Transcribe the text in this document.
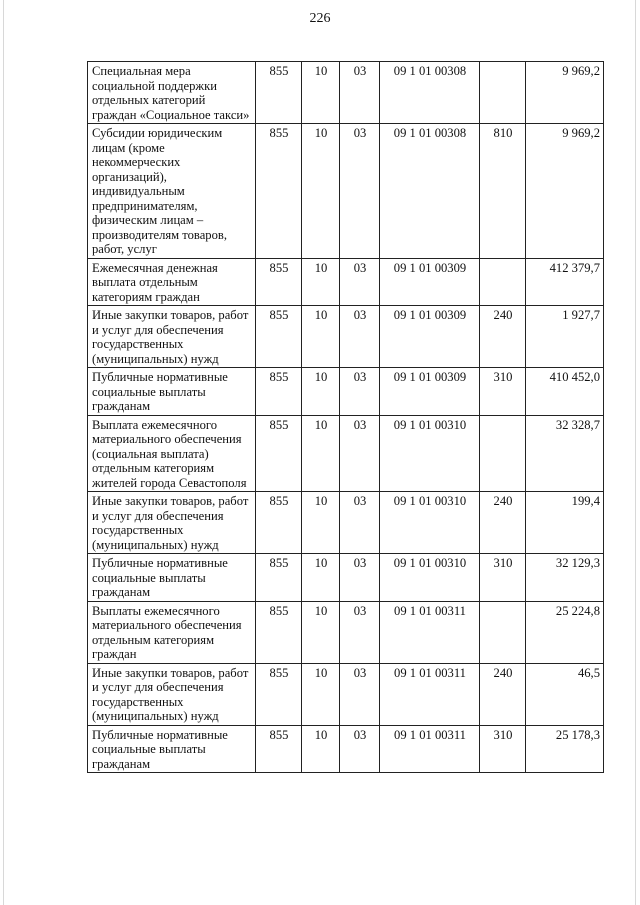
226
Специальная мера социальной поддержки отдельных категорий граждан «Социальное такси»	855	10	03	09 1 01 00308		9 969,2
Субсидии юридическим лицам (кроме некоммерческих организаций), индивидуальным предпринимателям, физическим лицам – производителям товаров, работ, услуг	855	10	03	09 1 01 00308	810	9 969,2
Ежемесячная денежная выплата отдельным категориям граждан	855	10	03	09 1 01 00309		412 379,7
Иные закупки товаров, работ и услуг для обеспечения государственных (муниципальных) нужд	855	10	03	09 1 01 00309	240	1 927,7
Публичные нормативные социальные выплаты гражданам	855	10	03	09 1 01 00309	310	410 452,0
Выплата ежемесячного материального обеспечения (социальная выплата) отдельным категориям жителей города Севастополя	855	10	03	09 1 01 00310		32 328,7
Иные закупки товаров, работ и услуг для обеспечения государственных (муниципальных) нужд	855	10	03	09 1 01 00310	240	199,4
Публичные нормативные социальные выплаты гражданам	855	10	03	09 1 01 00310	310	32 129,3
Выплаты ежемесячного материального обеспечения отдельным категориям граждан	855	10	03	09 1 01 00311		25 224,8
Иные закупки товаров, работ и услуг для обеспечения государственных (муниципальных) нужд	855	10	03	09 1 01 00311	240	46,5
Публичные нормативные социальные выплаты гражданам	855	10	03	09 1 01 00311	310	25 178,3
